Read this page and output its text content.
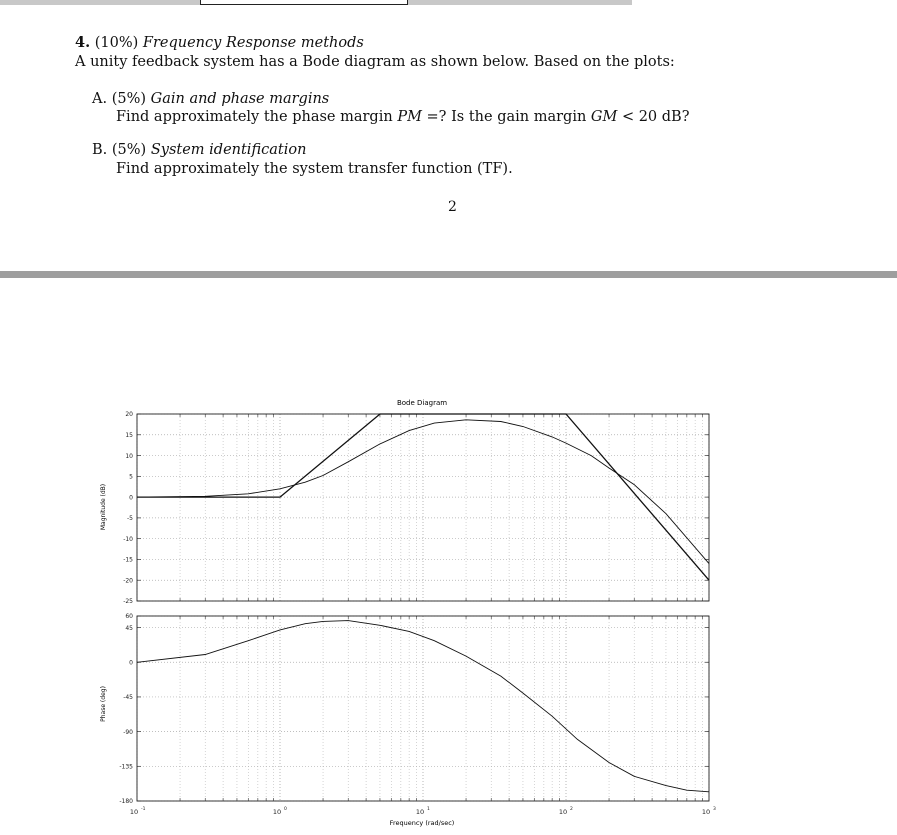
4. (10%) Frequency Response methods
A unity feedback system has a Bode diagram as shown below. Based on the plots:
A. (5%) Gain and phase margins
Find approximately the phase margin PM =? Is the gain margin GM < 20 dB?
B. (5%) System identification
Find approximately the system transfer function (TF).
2
Bode Diagram
Frequency (rad/sec)
Magnitude (dB)
Phase (deg)
20
15
10
5
0
-5
-10
-15
-20
-25
60
45
0
-45
-90
-135
-180
10 -1	10 0	10 1	10 2	10 3
